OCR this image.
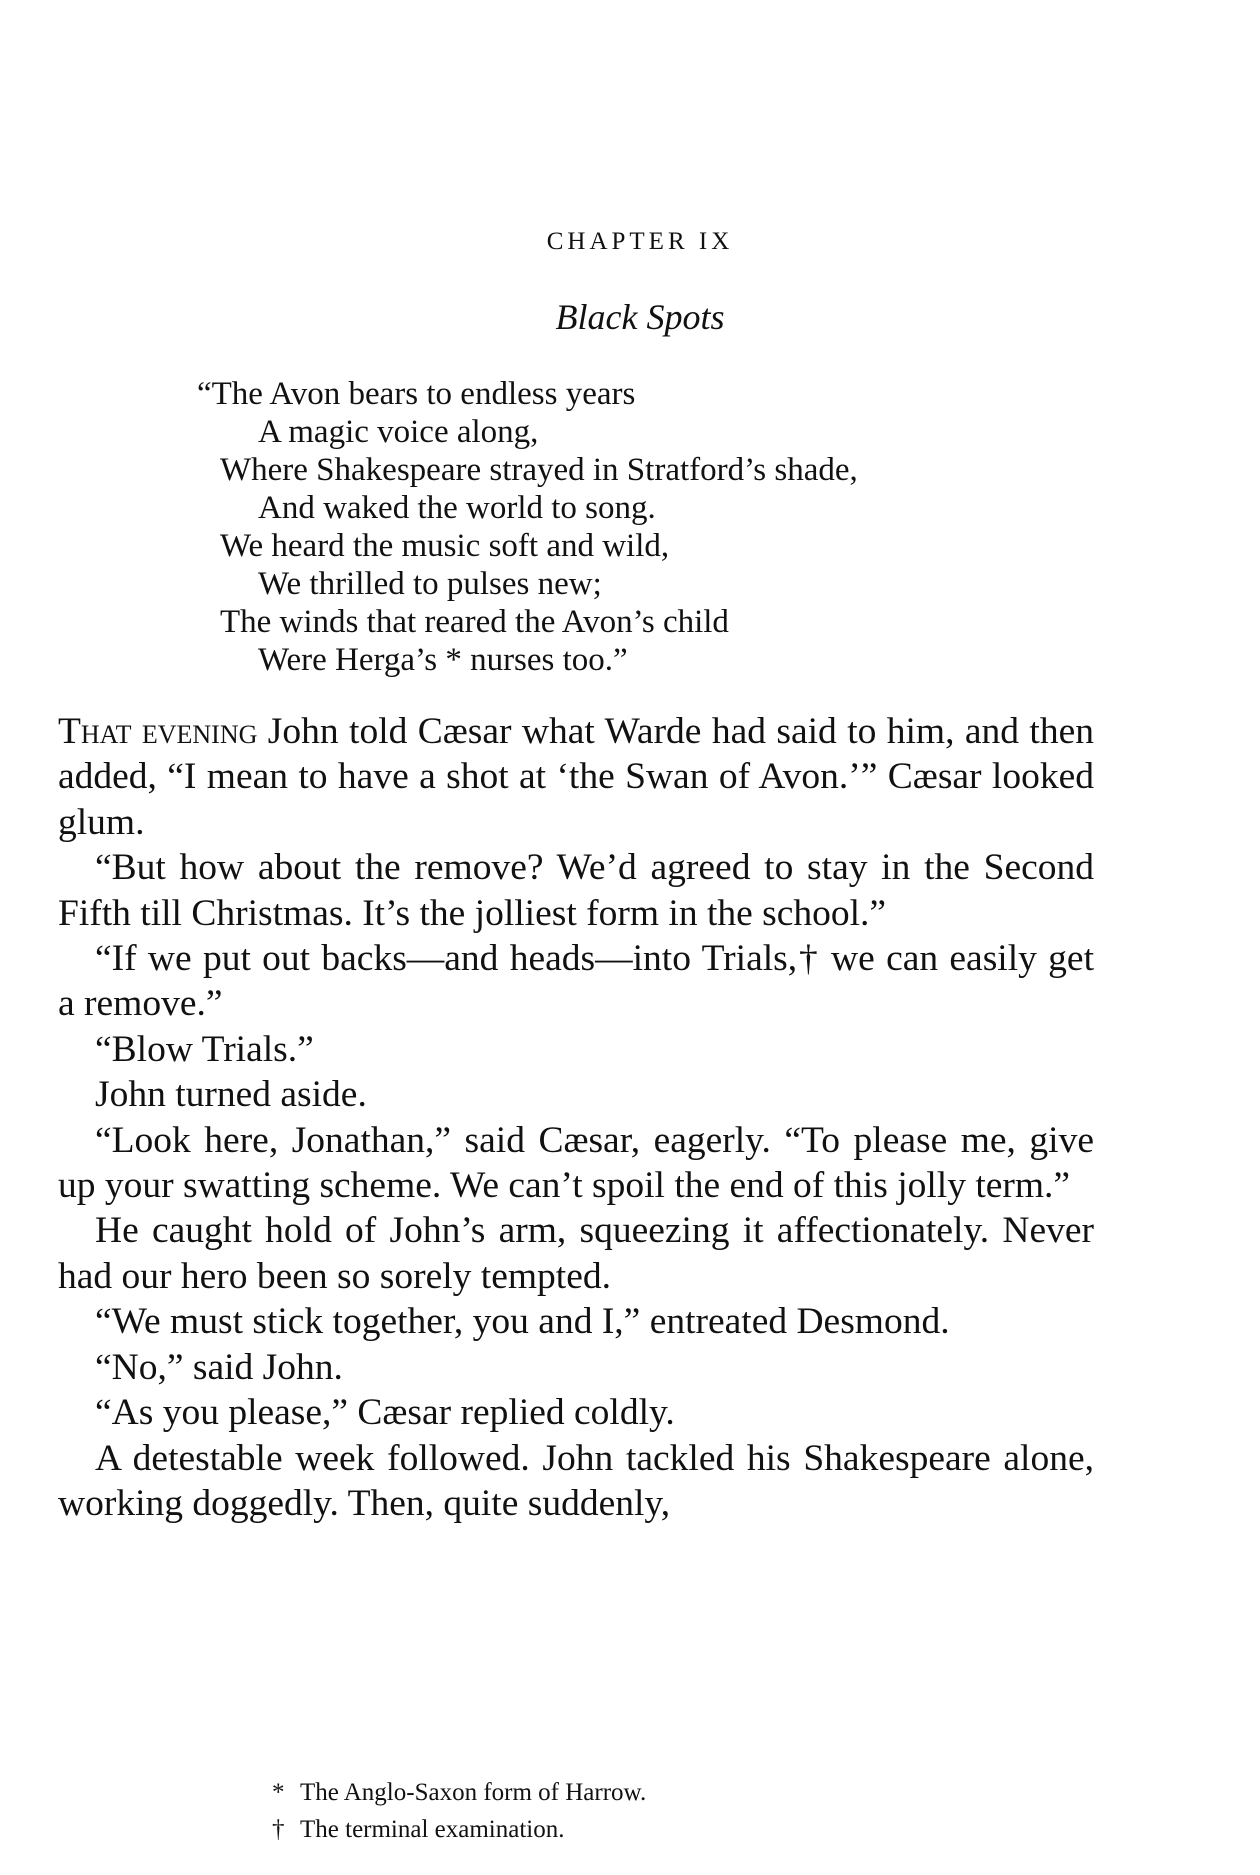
CHAPTER IX
Black Spots
“The Avon bears to endless years
A magic voice along,
Where Shakespeare strayed in Stratford’s shade,
And waked the world to song.
We heard the music soft and wild,
We thrilled to pulses new;
The winds that reared the Avon’s child
Were Herga’s * nurses too.”

That evening John told Cæsar what Warde had said to him, and then added, “I mean to have a shot at ‘the Swan of Avon.’” Cæsar looked glum.

“But how about the remove? We’d agreed to stay in the Second Fifth till Christmas. It’s the jolliest form in the school.”

“If we put out backs—and heads—into Trials,† we can easily get a remove.”

“Blow Trials.”

John turned aside.

“Look here, Jonathan,” said Cæsar, eagerly. “To please me, give up your swatting scheme. We can’t spoil the end of this jolly term.”

He caught hold of John’s arm, squeezing it affectionately. Never had our hero been so sorely tempted.

“We must stick together, you and I,” entreated Desmond.

“No,” said John.

“As you please,” Cæsar replied coldly.

A detestable week followed. John tackled his Shakespeare alone, working doggedly. Then, quite suddenly,

* The Anglo-Saxon form of Harrow.
† The terminal examination.
